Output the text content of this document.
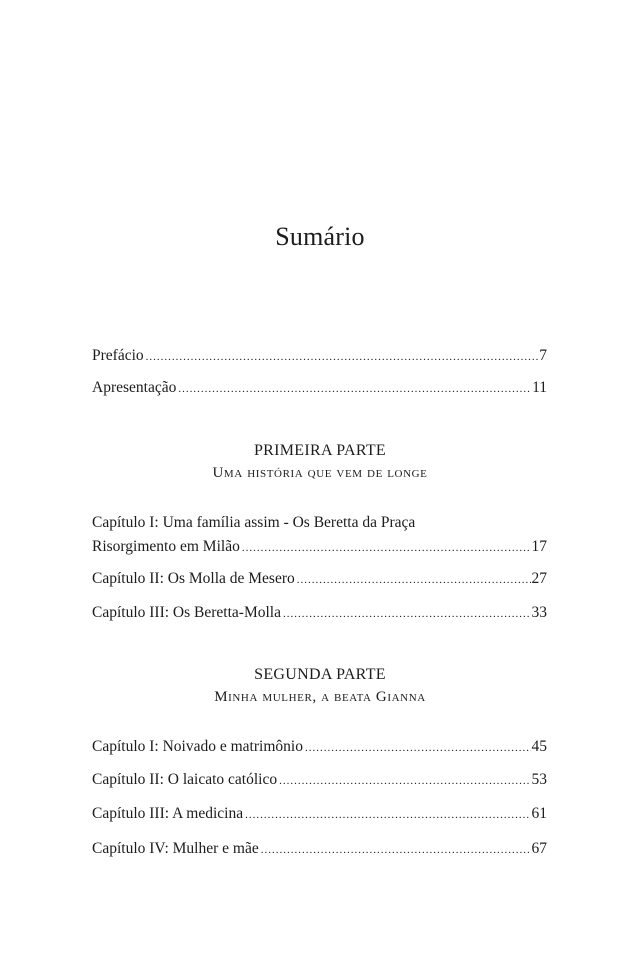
Sumário
Prefácio .....	7
Apresentação .....	11
PRIMEIRA PARTE
Uma história que vem de longe
Capítulo I: Uma família assim - Os Beretta da Praça
Risorgimento em Milão .....	17
Capítulo II: Os Molla de Mesero .....	27
Capítulo III: Os Beretta-Molla .....	33
SEGUNDA PARTE
Minha mulher, a beata Gianna
Capítulo I: Noivado e matrimônio .....	45
Capítulo II: O laicato católico .....	53
Capítulo III: A medicina .....	61
Capítulo IV: Mulher e mãe .....	67
